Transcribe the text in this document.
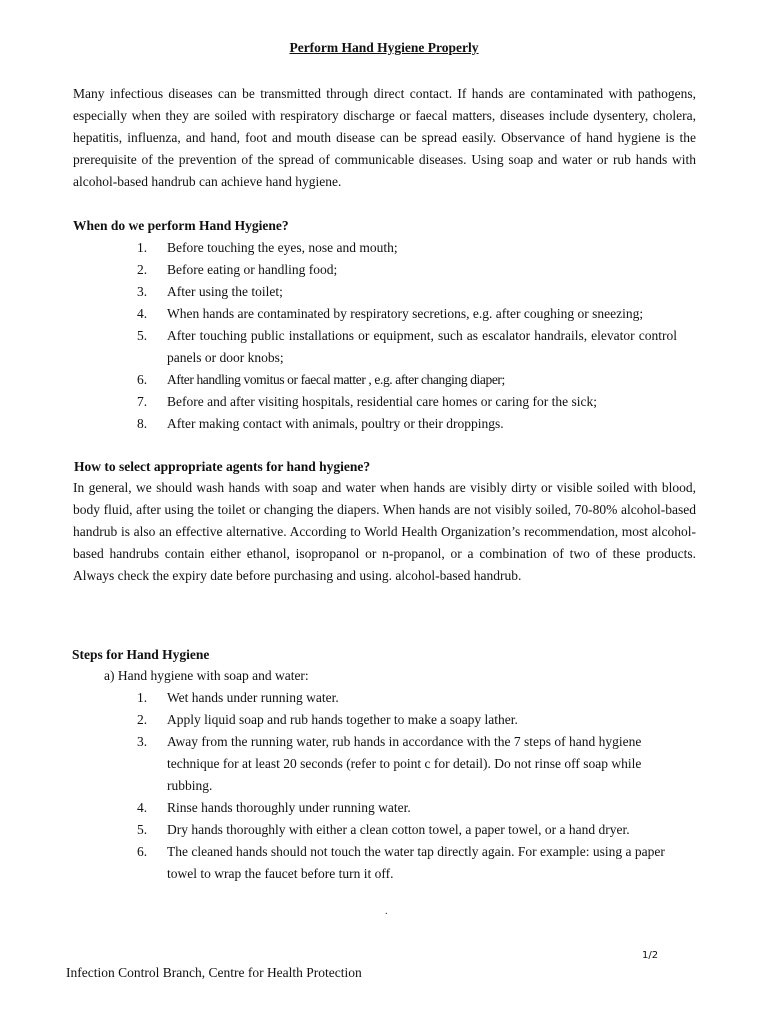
Perform Hand Hygiene Properly
Many infectious diseases can be transmitted through direct contact. If hands are contaminated with pathogens, especially when they are soiled with respiratory discharge or faecal matters, diseases include dysentery, cholera, hepatitis, influenza, and hand, foot and mouth disease can be spread easily. Observance of hand hygiene is the prerequisite of the prevention of the spread of communicable diseases. Using soap and water or rub hands with alcohol-based handrub can achieve hand hygiene.
When do we perform Hand Hygiene?
1.	Before touching the eyes, nose and mouth;
2.	Before eating or handling food;
3.	After using the toilet;
4.	When hands are contaminated by respiratory secretions, e.g. after coughing or sneezing;
5.	After touching public installations or equipment, such as escalator handrails, elevator control panels or door knobs;
6.	After handling vomitus or faecal matter , e.g. after changing diaper;
7.	Before and after visiting hospitals, residential care homes or caring for the sick;
8.	After making contact with animals, poultry or their droppings.
How to select appropriate agents for hand hygiene?
In general, we should wash hands with soap and water when hands are visibly dirty or visible soiled with blood, body fluid, after using the toilet or changing the diapers. When hands are not visibly soiled, 70-80% alcohol-based handrub is also an effective alternative. According to World Health Organization’s recommendation, most alcohol-based handrubs contain either ethanol, isopropanol or n-propanol, or a combination of two of these products. Always check the expiry date before purchasing and using. alcohol-based handrub.
Steps for Hand Hygiene
a) Hand hygiene with soap and water:
1.	Wet hands under running water.
2.	Apply liquid soap and rub hands together to make a soapy lather.
3.	Away from the running water, rub hands in accordance with the 7 steps of hand hygiene technique for at least 20 seconds (refer to point c for detail). Do not rinse off soap while rubbing.
4.	Rinse hands thoroughly under running water.
5.	Dry hands thoroughly with either a clean cotton towel, a paper towel, or a hand dryer.
6.	The cleaned hands should not touch the water tap directly again. For example: using a paper towel to wrap the faucet before turn it off.
.
1/2
Infection Control Branch, Centre for Health Protection
